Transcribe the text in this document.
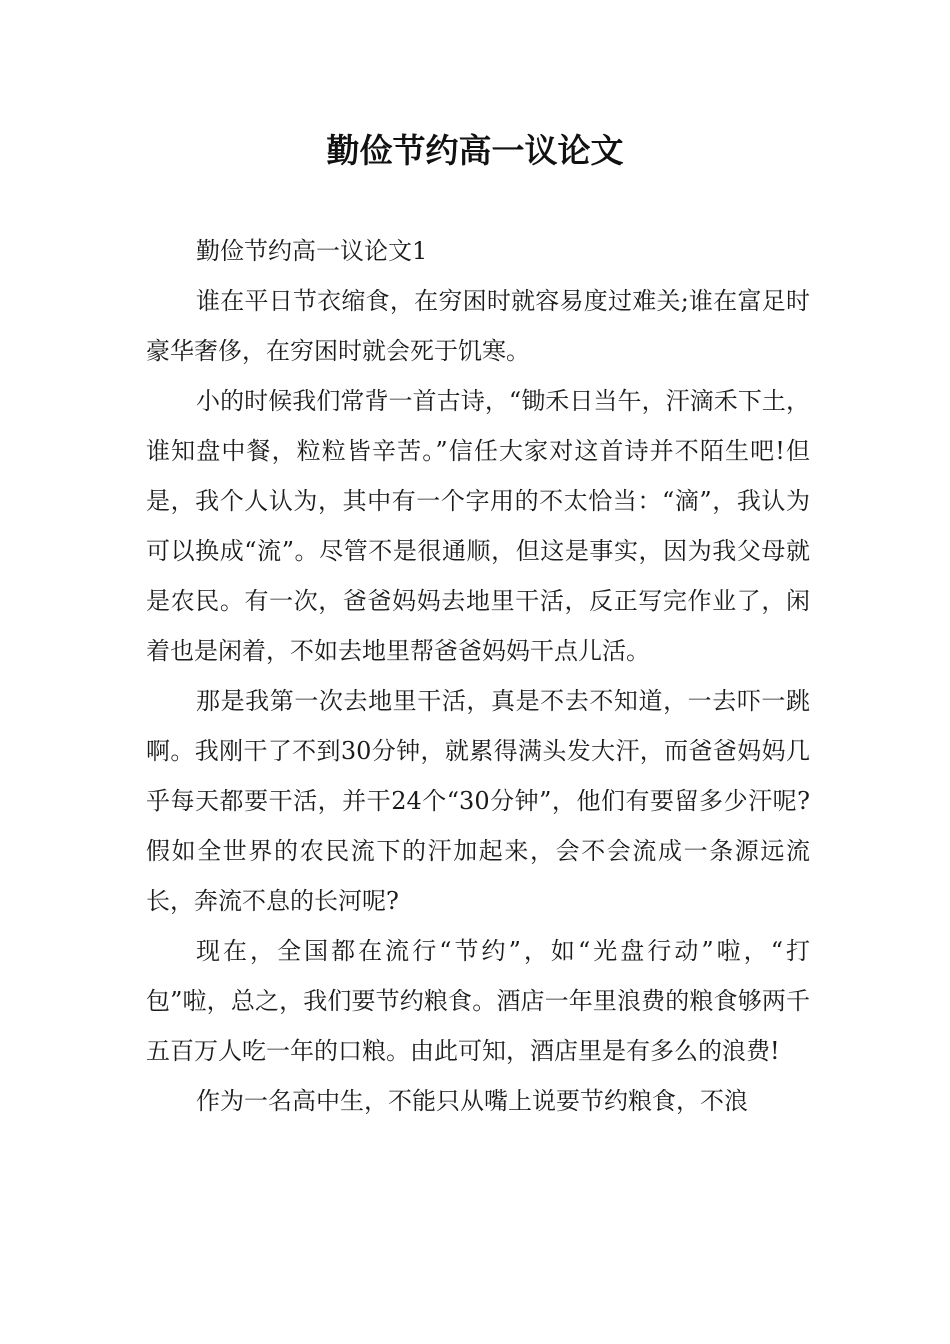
勤俭节约高一议论文

勤俭节约高一议论文1

谁在平日节衣缩食，在穷困时就容易度过难关;谁在富足时豪华奢侈，在穷困时就会死于饥寒。

小的时候我们常背一首古诗，“锄禾日当午，汗滴禾下土，谁知盘中餐，粒粒皆辛苦。”信任大家对这首诗并不陌生吧!但是，我个人认为，其中有一个字用的不太恰当：“滴”，我认为可以换成“流”。尽管不是很通顺，但这是事实，因为我父母就是农民。有一次，爸爸妈妈去地里干活，反正写完作业了，闲着也是闲着，不如去地里帮爸爸妈妈干点儿活。

那是我第一次去地里干活，真是不去不知道，一去吓一跳啊。我刚干了不到30分钟，就累得满头发大汗，而爸爸妈妈几乎每天都要干活，并干24个“30分钟”，他们有要留多少汗呢?假如全世界的农民流下的汗加起来，会不会流成一条源远流长，奔流不息的长河呢?

现在，全国都在流行“节约”，如“光盘行动”啦，“打包”啦，总之，我们要节约粮食。酒店一年里浪费的粮食够两千五百万人吃一年的口粮。由此可知，酒店里是有多么的浪费!

作为一名高中生，不能只从嘴上说要节约粮食，不浪
